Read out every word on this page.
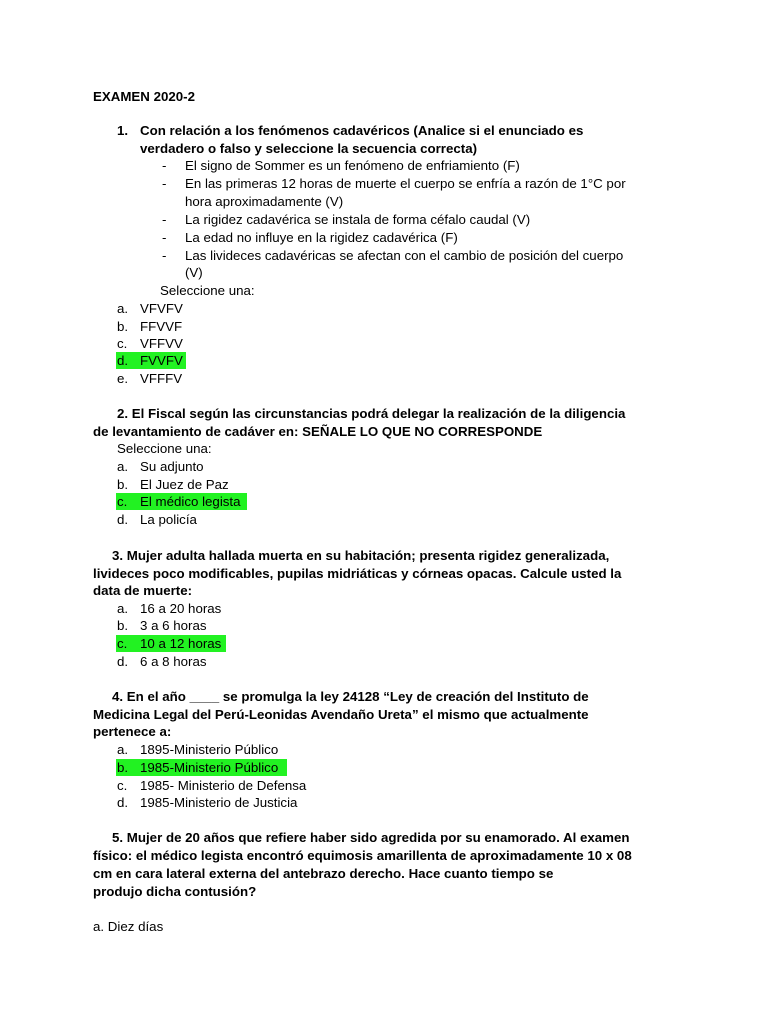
EXAMEN 2020-2
1. Con relación a los fenómenos cadavéricos (Analice si el enunciado es
verdadero o falso y seleccione la secuencia correcta)
- El signo de Sommer es un fenómeno de enfriamiento (F)
- En las primeras 12 horas de muerte el cuerpo se enfría a razón de 1°C por
hora aproximadamente (V)
- La rigidez cadavérica se instala de forma céfalo caudal (V)
- La edad no influye en la rigidez cadavérica (F)
- Las livideces cadavéricas se afectan con el cambio de posición del cuerpo
(V)
Seleccione una:
a. VFVFV
b. FFVVF
c. VFFVV
d. FVVFV
e. VFFFV
2. El Fiscal según las circunstancias podrá delegar la realización de la diligencia
de levantamiento de cadáver en: SEÑALE LO QUE NO CORRESPONDE
Seleccione una:
a. Su adjunto
b. El Juez de Paz
c. El médico legista
d. La policía
3. Mujer adulta hallada muerta en su habitación; presenta rigidez generalizada,
livideces poco modificables, pupilas midriáticas y córneas opacas. Calcule usted la
data de muerte:
a. 16 a 20 horas
b. 3 a 6 horas
c. 10 a 12 horas
d. 6 a 8 horas
4. En el año ____ se promulga la ley 24128 “Ley de creación del Instituto de
Medicina Legal del Perú-Leonidas Avendaño Ureta” el mismo que actualmente
pertenece a:
a. 1895-Ministerio Público
b. 1985-Ministerio Público
c. 1985- Ministerio de Defensa
d. 1985-Ministerio de Justicia
5. Mujer de 20 años que refiere haber sido agredida por su enamorado. Al examen
físico: el médico legista encontró equimosis amarillenta de aproximadamente 10 x 08
cm en cara lateral externa del antebrazo derecho. Hace cuanto tiempo se
produjo dicha contusión?
a. Diez días
